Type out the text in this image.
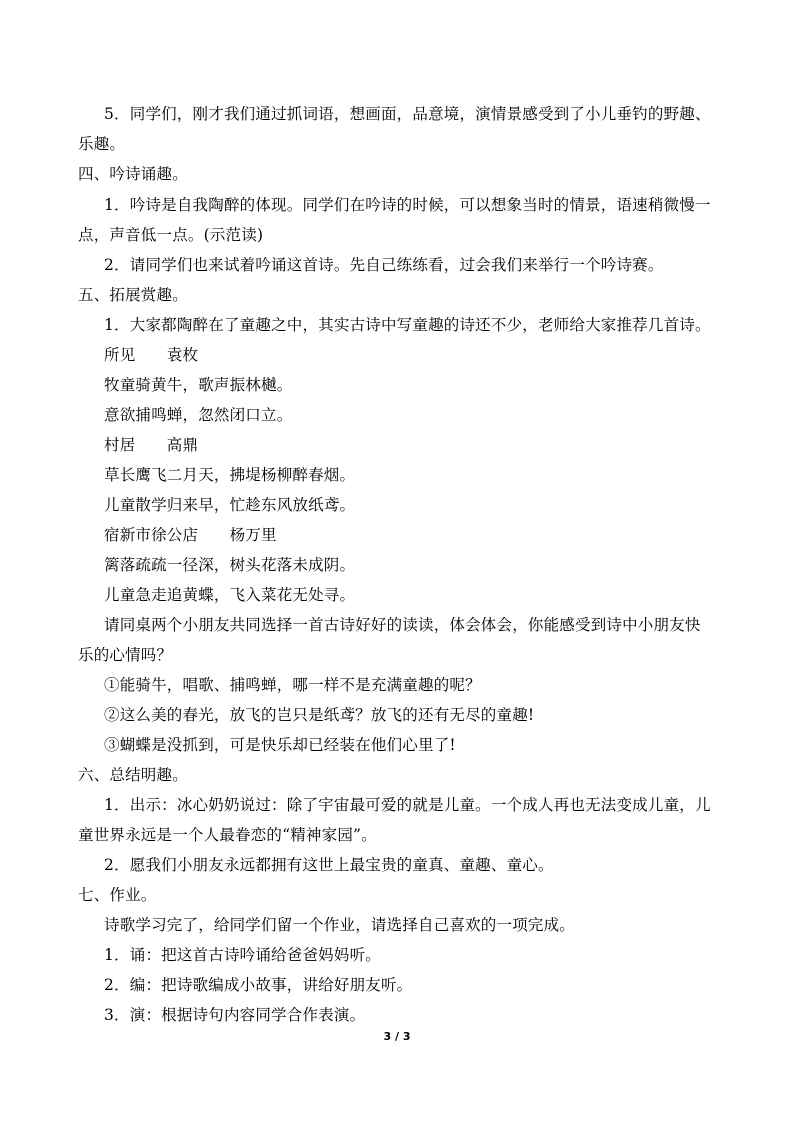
5．同学们，刚才我们通过抓词语，想画面，品意境，演情景感受到了小儿垂钓的野趣、
乐趣。
四、吟诗诵趣。
1．吟诗是自我陶醉的体现。同学们在吟诗的时候，可以想象当时的情景，语速稍微慢一
点，声音低一点。(示范读)
2．请同学们也来试着吟诵这首诗。先自己练练看，过会我们来举行一个吟诗赛。
五、拓展赏趣。
1．大家都陶醉在了童趣之中，其实古诗中写童趣的诗还不少，老师给大家推荐几首诗。
所见　　袁枚
牧童骑黄牛，歌声振林樾。
意欲捕鸣蝉，忽然闭口立。
村居　　高鼎
草长鹰飞二月天，拂堤杨柳醉春烟。
儿童散学归来早，忙趁东风放纸鸢。
宿新市徐公店　　杨万里
篱落疏疏一径深，树头花落未成阴。
儿童急走追黄蝶，飞入菜花无处寻。
请同桌两个小朋友共同选择一首古诗好好的读读，体会体会，你能感受到诗中小朋友快
乐的心情吗？
①能骑牛，唱歌、捕鸣蝉，哪一样不是充满童趣的呢？
②这么美的春光，放飞的岂只是纸鸢？放飞的还有无尽的童趣!
③蝴蝶是没抓到，可是快乐却已经装在他们心里了!
六、总结明趣。
1．出示：冰心奶奶说过：除了宇宙最可爱的就是儿童。一个成人再也无法变成儿童，儿
童世界永远是一个人最眷恋的“精神家园”。
2．愿我们小朋友永远都拥有这世上最宝贵的童真、童趣、童心。
七、作业。
诗歌学习完了，给同学们留一个作业，请选择自己喜欢的一项完成。
1．诵：把这首古诗吟诵给爸爸妈妈听。
2．编：把诗歌编成小故事，讲给好朋友听。
3．演：根据诗句内容同学合作表演。
3 / 3
